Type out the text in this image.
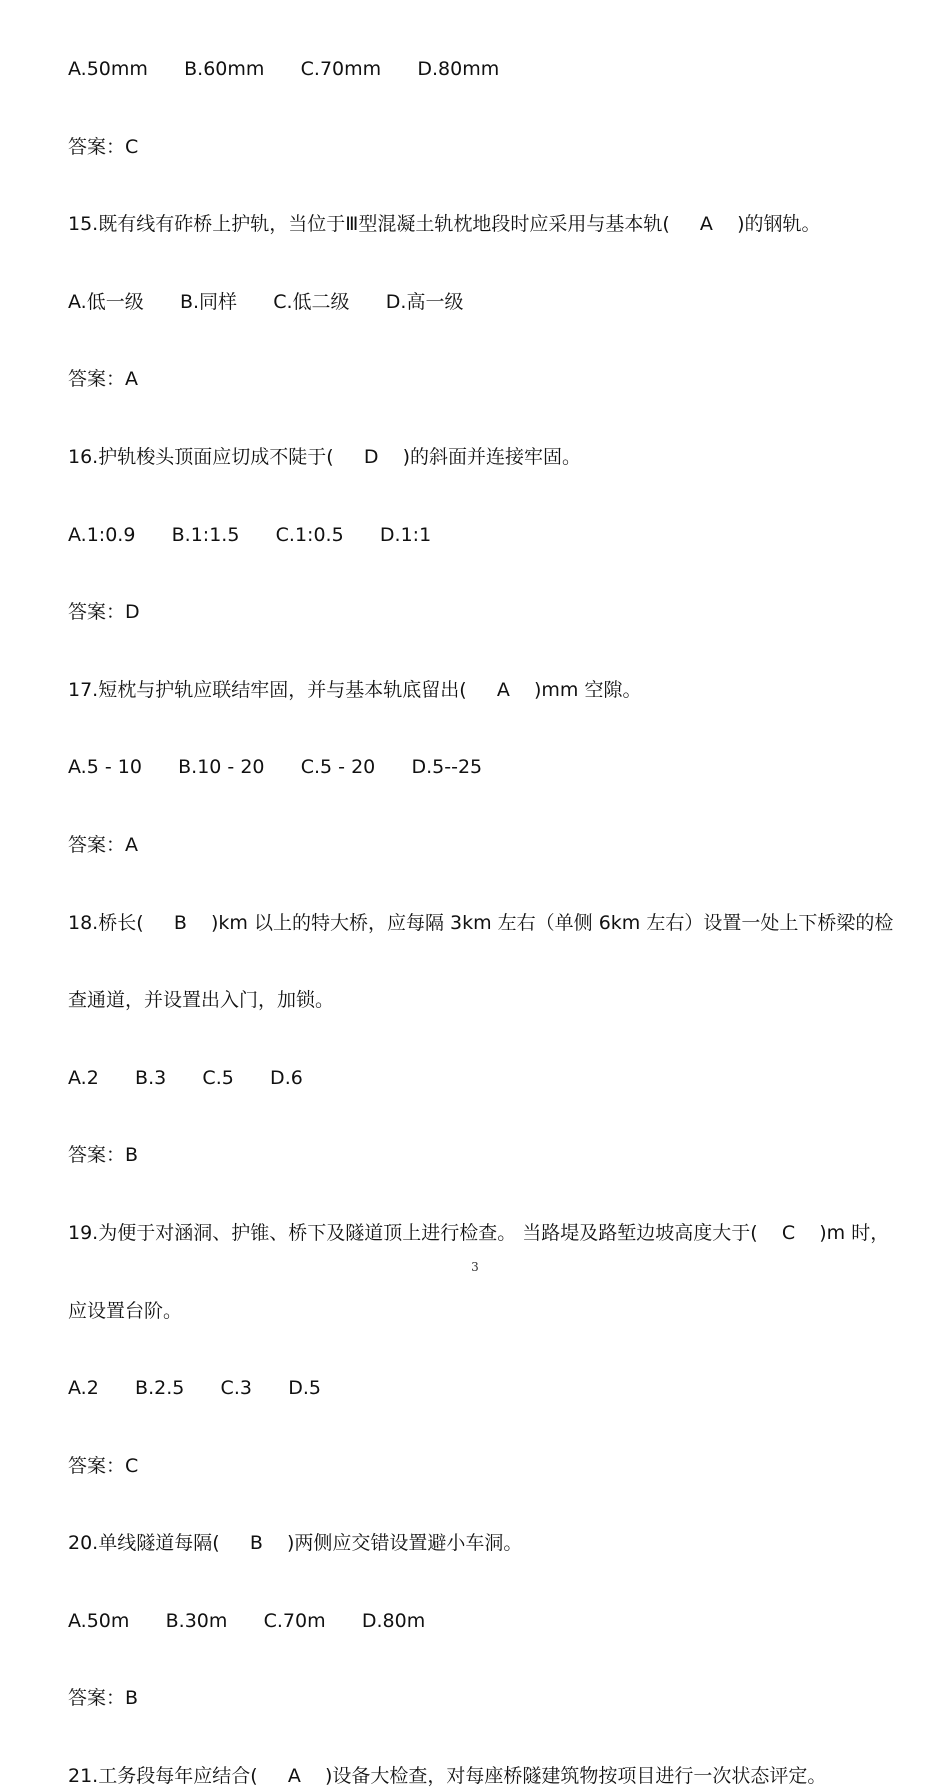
A.50mm      B.60mm      C.70mm      D.80mm

答案：C

15.既有线有砟桥上护轨，当位于Ⅲ型混凝土轨枕地段时应采用与基本轨(     A    )的钢轨。

A.低一级      B.同样      C.低二级      D.高一级

答案：A

16.护轨梭头顶面应切成不陡于(     D    )的斜面并连接牢固。

A.1:0.9      B.1:1.5      C.1:0.5      D.1:1

答案：D

17.短枕与护轨应联结牢固，并与基本轨底留出(     A    )mm 空隙。

A.5 - 10      B.10 - 20      C.5 - 20      D.5--25

答案：A

18.桥长(     B    )km 以上的特大桥，应每隔 3km 左右（单侧 6km 左右）设置一处上下桥梁的检

查通道，并设置出入门，加锁。

A.2      B.3      C.5      D.6

答案：B

19.为便于对涵洞、护锥、桥下及隧道顶上进行检查。 当路堤及路堑边坡高度大于(    C    )m 时，

应设置台阶。

A.2      B.2.5      C.3      D.5

答案：C

20.单线隧道每隔(     B    )两侧应交错设置避小车洞。

A.50m      B.30m      C.70m      D.80m

答案：B

21.工务段每年应结合(     A    )设备大检查，对每座桥隧建筑物按项目进行一次状态评定。

3
